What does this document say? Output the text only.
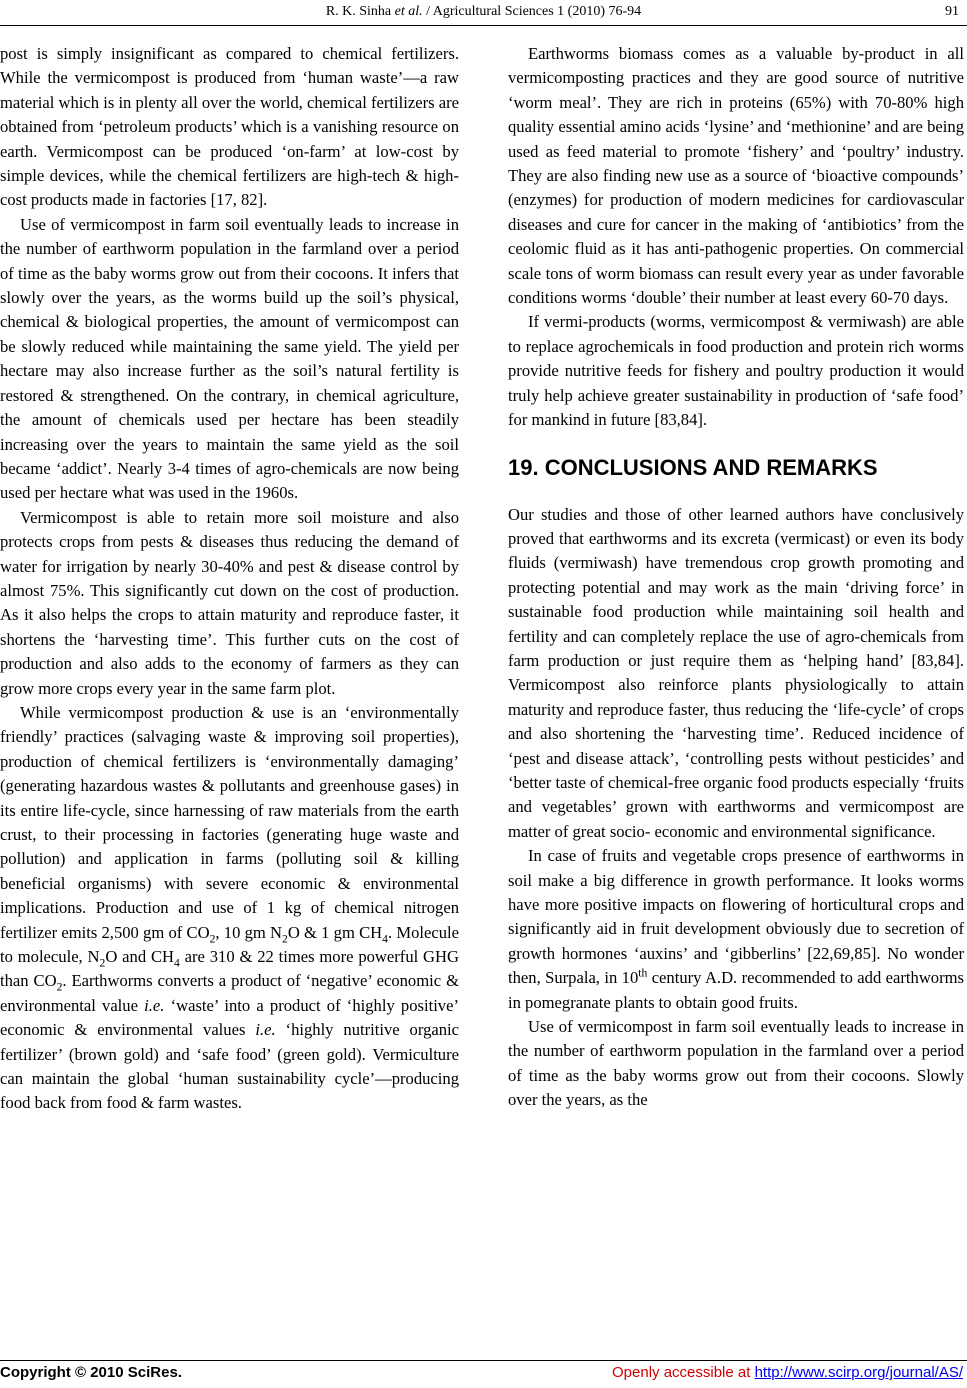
R. K. Sinha et al. / Agricultural Sciences 1 (2010) 76-94	91

post is simply insignificant as compared to chemical fertilizers. While the vermicompost is produced from ‘human waste’—a raw material which is in plenty all over the world, chemical fertilizers are obtained from ‘petroleum products’ which is a vanishing resource on earth. Vermicompost can be produced ‘on-farm’ at low-cost by simple devices, while the chemical fertilizers are high-tech & high-cost products made in factories [17, 82].

Use of vermicompost in farm soil eventually leads to increase in the number of earthworm population in the farmland over a period of time as the baby worms grow out from their cocoons. It infers that slowly over the years, as the worms build up the soil’s physical, chemical & biological properties, the amount of vermicompost can be slowly reduced while maintaining the same yield. The yield per hectare may also increase further as the soil’s natural fertility is restored & strengthened. On the contrary, in chemical agriculture, the amount of chemicals used per hectare has been steadily increasing over the years to maintain the same yield as the soil became ‘addict’. Nearly 3-4 times of agro-chemicals are now being used per hectare what was used in the 1960s.

Vermicompost is able to retain more soil moisture and also protects crops from pests & diseases thus reducing the demand of water for irrigation by nearly 30-40% and pest & disease control by almost 75%. This significantly cut down on the cost of production. As it also helps the crops to attain maturity and reproduce faster, it shortens the ‘harvesting time’. This further cuts on the cost of production and also adds to the economy of farmers as they can grow more crops every year in the same farm plot.

While vermicompost production & use is an ‘environmentally friendly’ practices (salvaging waste & improving soil properties), production of chemical fertilizers is ‘environmentally damaging’ (generating hazardous wastes & pollutants and greenhouse gases) in its entire life-cycle, since harnessing of raw materials from the earth crust, to their processing in factories (generating huge waste and pollution) and application in farms (polluting soil & killing beneficial organisms) with severe economic & environmental implications. Production and use of 1 kg of chemical nitrogen fertilizer emits 2,500 gm of $CO_2$, 10 gm $N_2O$ & 1 gm $CH_4$. Molecule to molecule, $N_2O$ and $CH_4$ are 310 & 22 times more powerful GHG than $CO_2$. Earthworms converts a product of ‘negative’ economic & environmental value i.e. ‘waste’ into a product of ‘highly positive’ economic & environmental values i.e. ‘highly nutritive organic fertilizer’ (brown gold) and ‘safe food’ (green gold). Vermiculture can maintain the global ‘human sustainability cycle’—producing food back from food & farm wastes.

Earthworms biomass comes as a valuable by-product in all vermicomposting practices and they are good source of nutritive ‘worm meal’. They are rich in proteins (65%) with 70-80% high quality essential amino acids ‘lysine’ and ‘methionine’ and are being used as feed material to promote ‘fishery’ and ‘poultry’ industry. They are also finding new use as a source of ‘bioactive compounds’ (enzymes) for production of modern medicines for cardiovascular diseases and cure for cancer in the making of ‘antibiotics’ from the ceolomic fluid as it has anti-pathogenic properties. On commercial scale tons of worm biomass can result every year as under favorable conditions worms ‘double’ their number at least every 60-70 days.

If vermi-products (worms, vermicompost & vermiwash) are able to replace agrochemicals in food production and protein rich worms provide nutritive feeds for fishery and poultry production it would truly help achieve greater sustainability in production of ‘safe food’ for mankind in future [83,84].

19. CONCLUSIONS AND REMARKS

Our studies and those of other learned authors have conclusively proved that earthworms and its excreta (vermicast) or even its body fluids (vermiwash) have tremendous crop growth promoting and protecting potential and may work as the main ‘driving force’ in sustainable food production while maintaining soil health and fertility and can completely replace the use of agro-chemicals from farm production or just require them as ‘helping hand’ [83,84]. Vermicompost also reinforce plants physiologically to attain maturity and reproduce faster, thus reducing the ‘life-cycle’ of crops and also shortening the ‘harvesting time’. Reduced incidence of ‘pest and disease attack’, ‘controlling pests without pesticides’ and ‘better taste of chemical-free organic food products especially ‘fruits and vegetables’ grown with earthworms and vermicompost are matter of great socio- economic and environmental significance.

In case of fruits and vegetable crops presence of earthworms in soil make a big difference in growth performance. It looks worms have more positive impacts on flowering of horticultural crops and significantly aid in fruit development obviously due to secretion of growth hormones ‘auxins’ and ‘gibberlins’ [22,69,85]. No wonder then, Surpala, in 10th century A.D. recommended to add earthworms in pomegranate plants to obtain good fruits.

Use of vermicompost in farm soil eventually leads to increase in the number of earthworm population in the farmland over a period of time as the baby worms grow out from their cocoons. Slowly over the years, as the

Copyright © 2010 SciRes.	Openly accessible at http://www.scirp.org/journal/AS/
